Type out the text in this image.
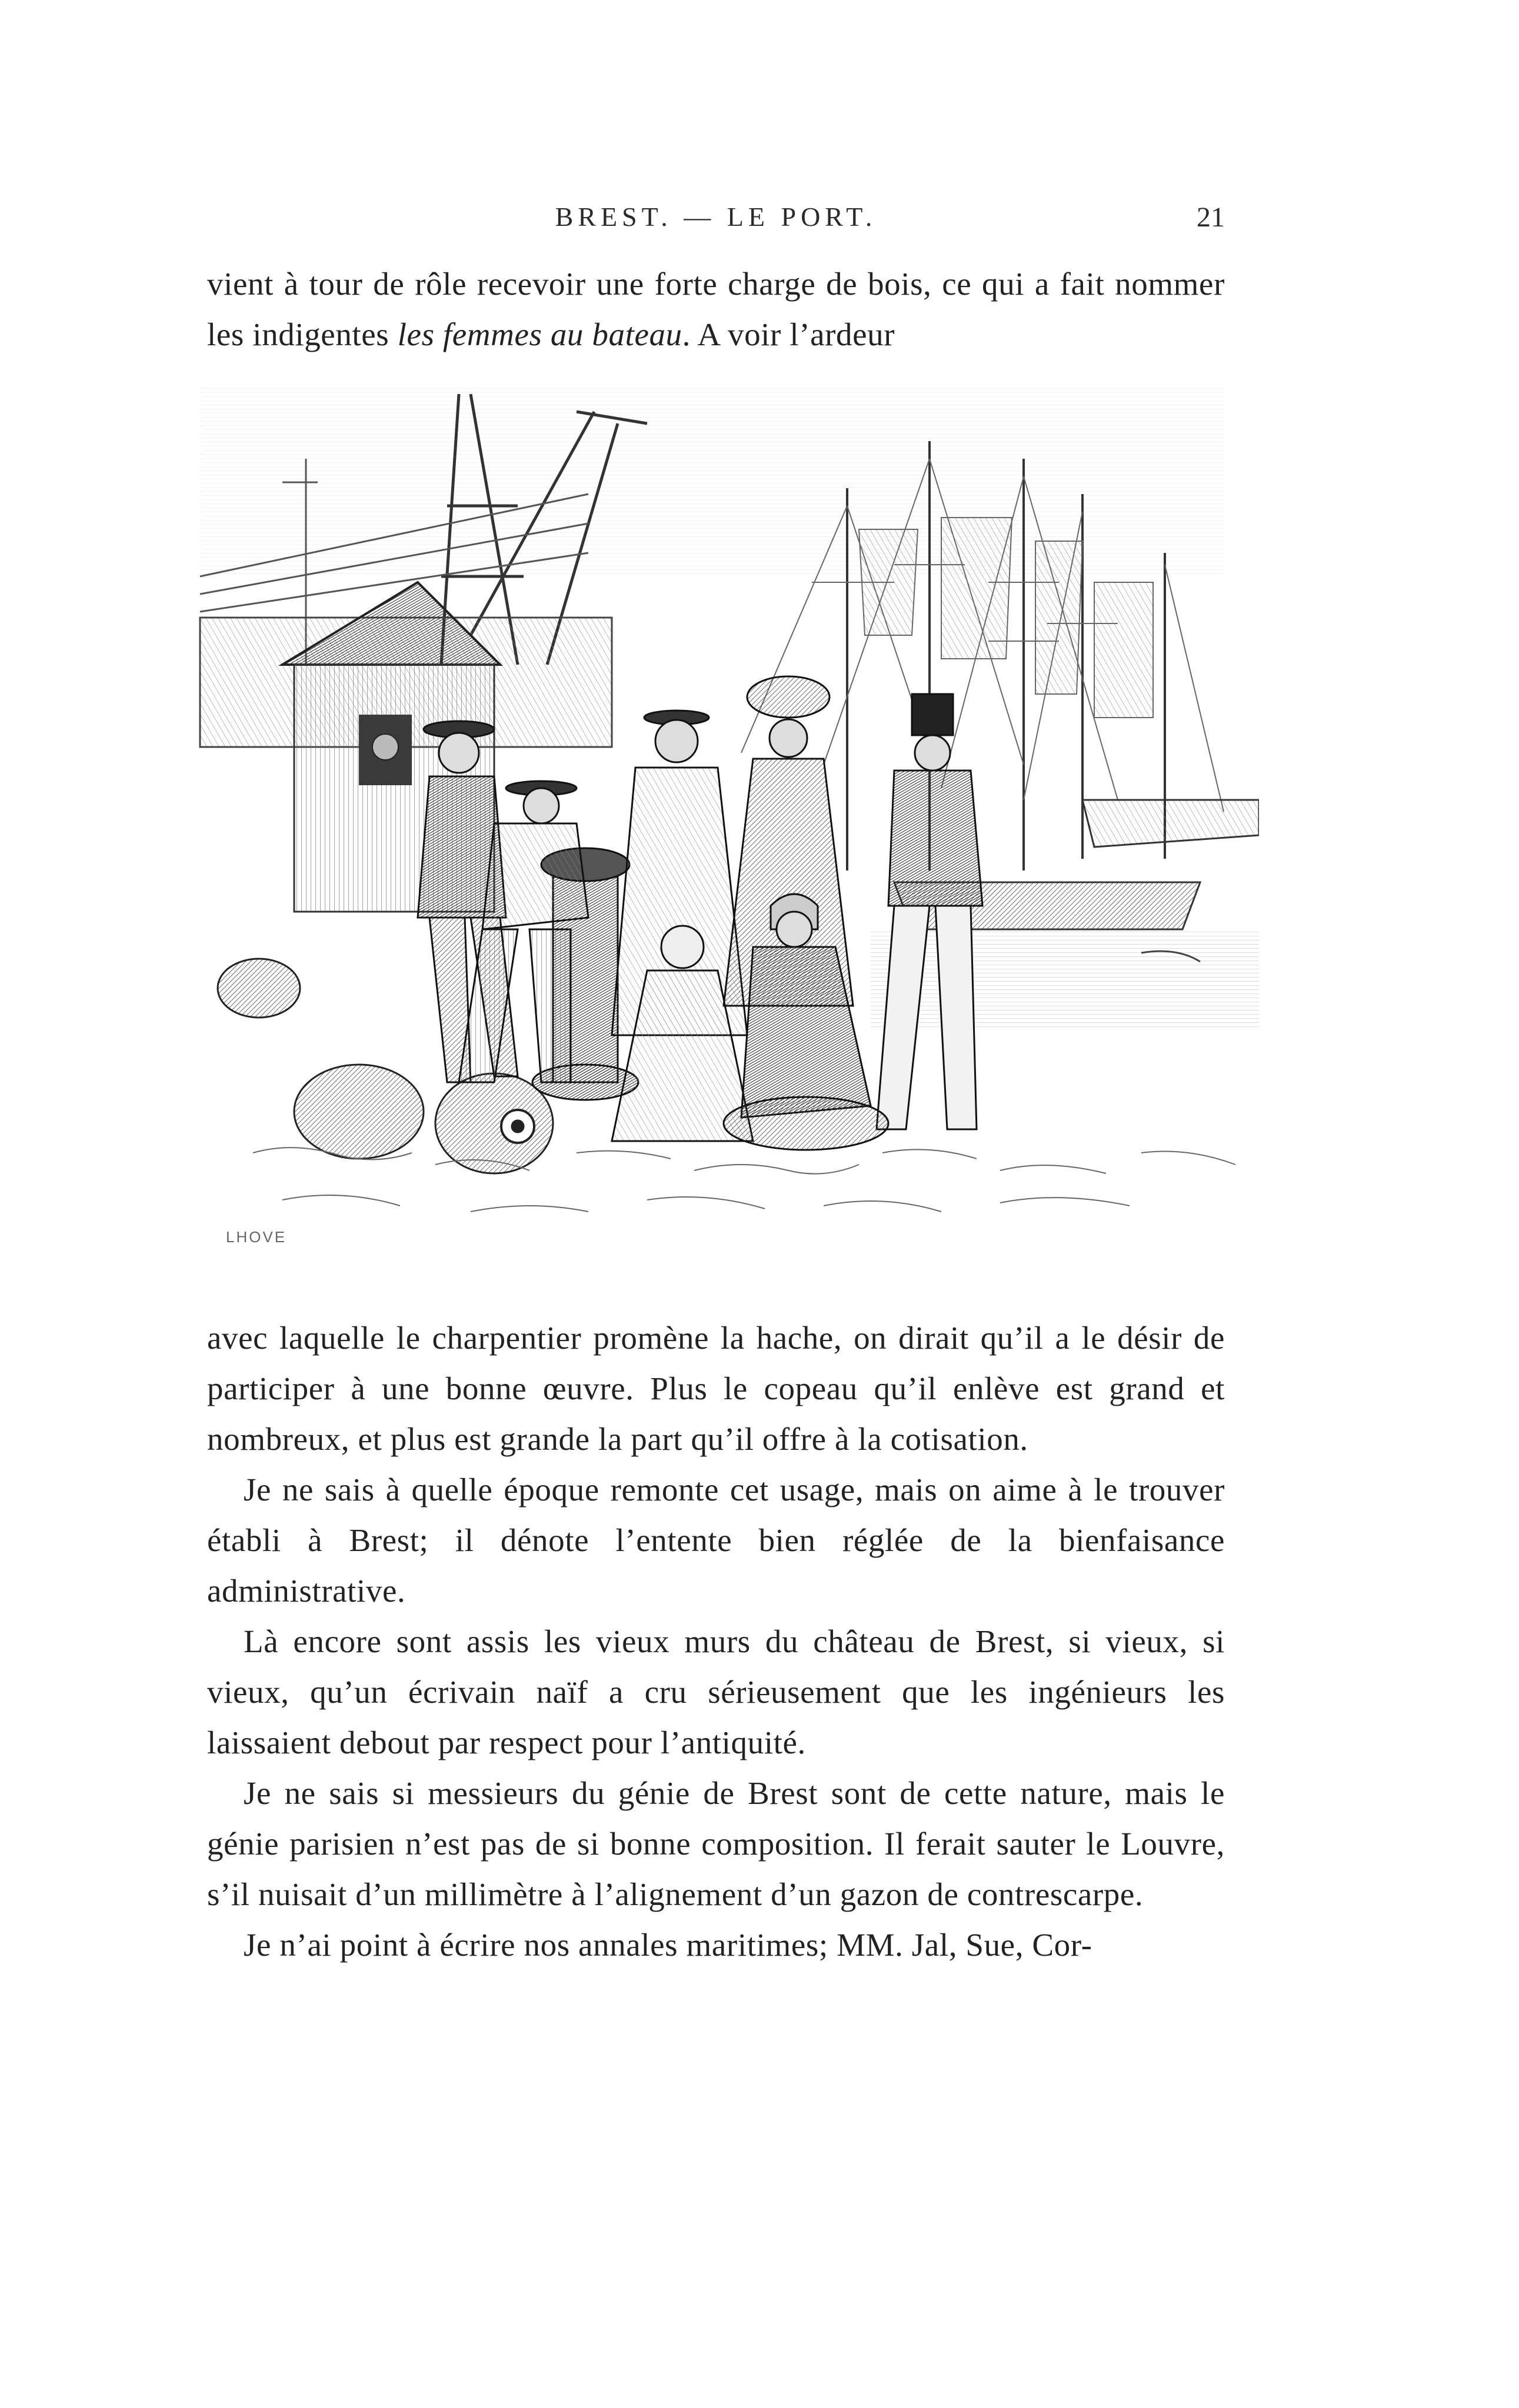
BREST. — LE PORT.	21

vient à tour de rôle recevoir une forte charge de bois, ce qui a fait nommer les indigentes les femmes au bateau. A voir l’ardeur

LHOVE

avec laquelle le charpentier promène la hache, on dirait qu’il a le désir de participer à une bonne œuvre. Plus le copeau qu’il enlève est grand et nombreux, et plus est grande la part qu’il offre à la cotisation.

Je ne sais à quelle époque remonte cet usage, mais on aime à le trouver établi à Brest; il dénote l’entente bien réglée de la bienfaisance administrative.

Là encore sont assis les vieux murs du château de Brest, si vieux, si vieux, qu’un écrivain naïf a cru sérieusement que les ingénieurs les laissaient debout par respect pour l’antiquité.

Je ne sais si messieurs du génie de Brest sont de cette nature, mais le génie parisien n’est pas de si bonne composition. Il ferait sauter le Louvre, s’il nuisait d’un millimètre à l’alignement d’un gazon de contrescarpe.

Je n’ai point à écrire nos annales maritimes; MM. Jal, Sue, Cor-
